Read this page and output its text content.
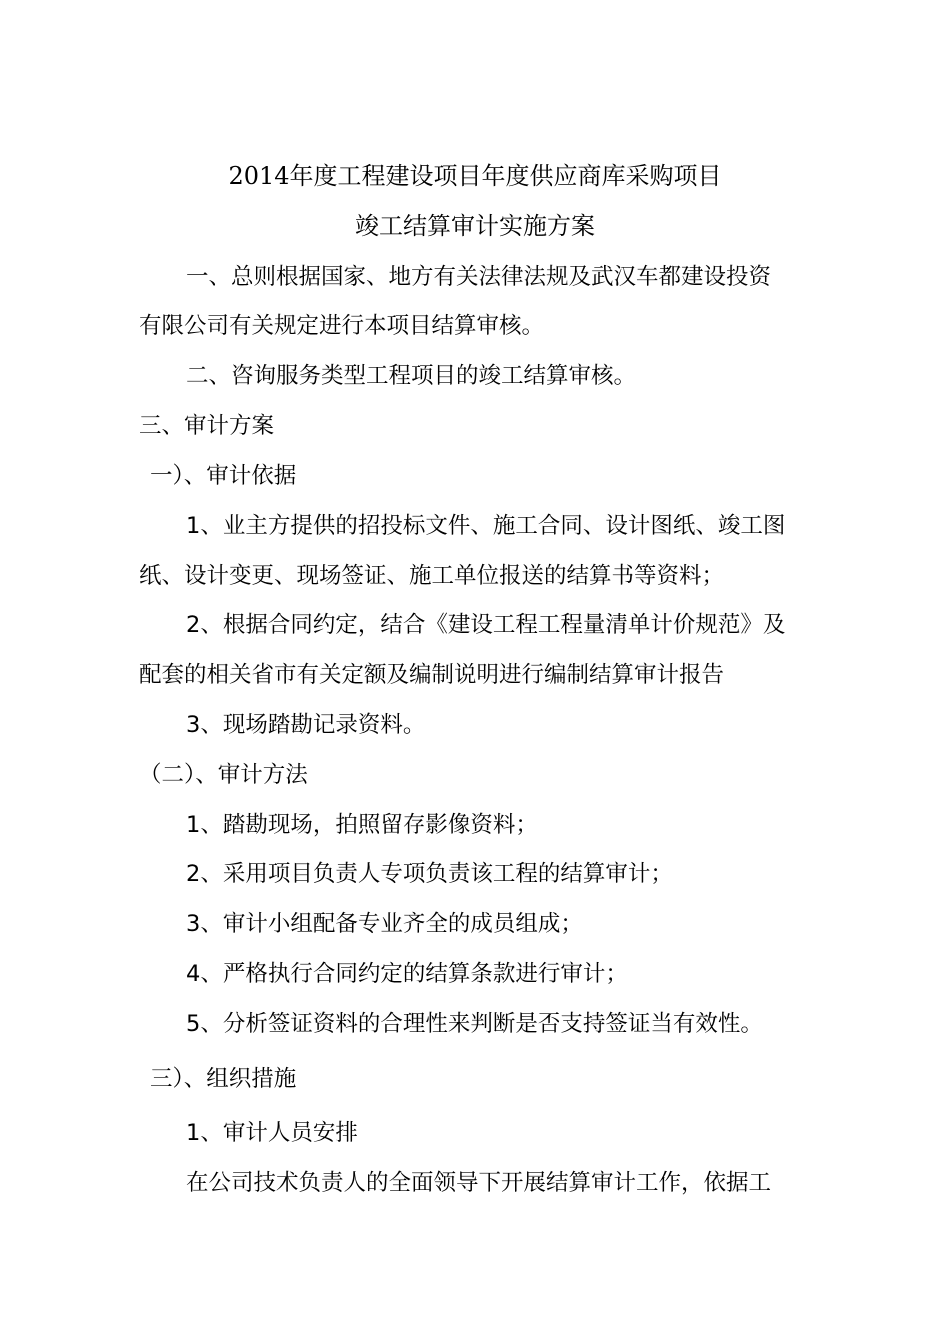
2014年度工程建设项目年度供应商库采购项目
竣工结算审计实施方案
一、总则根据国家、地方有关法律法规及武汉车都建设投资
有限公司有关规定进行本项目结算审核。
二、咨询服务类型工程项目的竣工结算审核。
三、审计方案
一）、审计依据
1、业主方提供的招投标文件、施工合同、设计图纸、竣工图
纸、设计变更、现场签证、施工单位报送的结算书等资料；
2、根据合同约定，结合《建设工程工程量清单计价规范》及
配套的相关省市有关定额及编制说明进行编制结算审计报告
3、现场踏勘记录资料。
（二）、审计方法
1、踏勘现场，拍照留存影像资料；
2、采用项目负责人专项负责该工程的结算审计；
3、审计小组配备专业齐全的成员组成；
4、严格执行合同约定的结算条款进行审计；
5、分析签证资料的合理性来判断是否支持签证当有效性。
三）、组织措施
1、审计人员安排
在公司技术负责人的全面领导下开展结算审计工作，依据工
